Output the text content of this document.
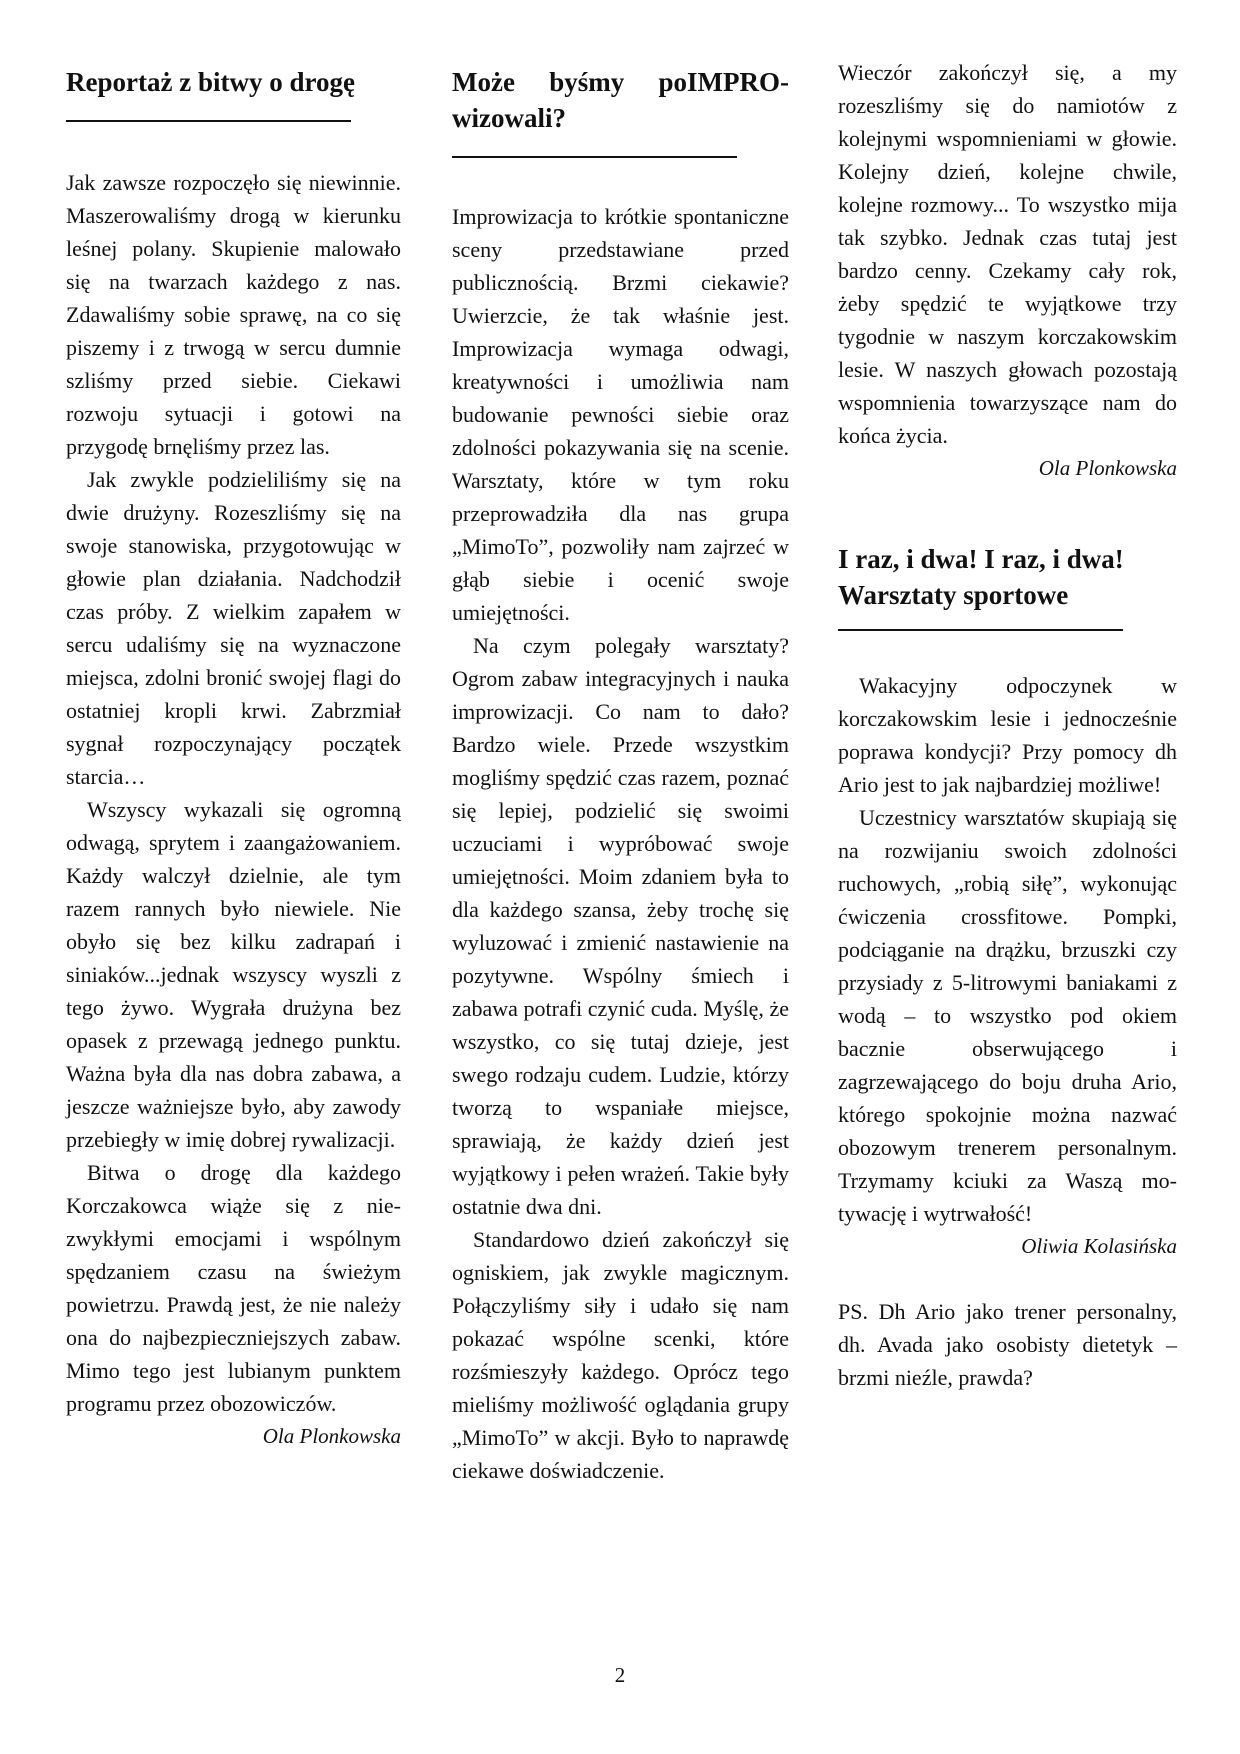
Reportaż z bitwy o drogę

Jak zawsze rozpoczęło się niewinnie. Maszerowaliśmy drogą w kierunku leśnej polany. Skupienie malowało się na twarzach każdego z nas. Zdawaliśmy sobie sprawę, na co się piszemy i z trwogą w sercu dumnie szliśmy przed siebie. Ciekawi rozwoju sytuacji i gotowi na przygodę brnęliśmy przez las.

Jak zwykle podzieliliśmy się na dwie drużyny. Rozeszliśmy się na swoje stanowiska, przygotowując w głowie plan działania. Nadchodził czas próby. Z wielkim zapałem w sercu udaliśmy się na wyznaczone miejsca, zdolni bronić swojej flagi do ostatniej kropli krwi. Zabrzmiał sygnał rozpoczynający początek starcia…

Wszyscy wykazali się ogromną odwagą, sprytem i zaangażowaniem. Każdy walczył dzielnie, ale tym razem rannych było niewiele. Nie obyło się bez kilku zadrapań i siniaków...jednak wszyscy wyszli z tego żywo. Wygrała drużyna bez opasek z przewagą jednego punktu. Ważna była dla nas dobra zabawa, a jeszcze ważniejsze było, aby zawody przebiegły w imię dobrej rywalizacji.

Bitwa o drogę dla każdego Korczakowca wiąże się z niezwykłymi emocjami i wspólnym spędzaniem czasu na świeżym powietrzu. Prawdą jest, że nie należy ona do najbezpieczniejszych zabaw. Mimo tego jest lubianym punktem programu przez obozowiczów.

Ola Plonkowska
Może byśmy poIMPROwizowali?

Improwizacja to krótkie spontaniczne sceny przedstawiane przed publicznością. Brzmi ciekawie? Uwierzcie, że tak właśnie jest. Improwizacja wymaga odwagi, kreatywności i umożliwia nam budowanie pewności siebie oraz zdolności pokazywania się na scenie. Warsztaty, które w tym roku przeprowadziła dla nas grupa „MimoTo”, pozwoliły nam zajrzeć w głąb siebie i ocenić swoje umiejętności.

Na czym polegały warsztaty? Ogrom zabaw integracyjnych i nauka improwizacji. Co nam to dało? Bardzo wiele. Przede wszystkim mogliśmy spędzić czas razem, poznać się lepiej, podzielić się swoimi uczuciami i wypróbować swoje umiejętności. Moim zdaniem była to dla każdego szansa, żeby trochę się wyluzować i zmienić nastawienie na pozytywne. Wspólny śmiech i zabawa potrafi czynić cuda. Myślę, że wszystko, co się tutaj dzieje, jest swego rodzaju cudem. Ludzie, którzy tworzą to wspaniałe miejsce, sprawiają, że każdy dzień jest wyjątkowy i pełen wrażeń. Takie były ostatnie dwa dni.

Standardowo dzień zakończył się ogniskiem, jak zwykle magicznym. Połączyliśmy siły i udało się nam pokazać wspólne scenki, które rozśmieszyły każdego. Oprócz tego mieliśmy możliwość oglądania grupy „MimoTo” w akcji. Było to naprawdę ciekawe doświadczenie.

Wieczór zakończył się, a my rozeszliśmy się do namiotów z kolejnymi wspomnieniami w głowie. Kolejny dzień, kolejne chwile, kolejne rozmowy... To wszystko mija tak szybko. Jednak czas tutaj jest bardzo cenny. Czekamy cały rok, żeby spędzić te wyjątkowe trzy tygodnie w naszym korczakowskim lesie. W naszych głowach pozostają wspomnienia towarzyszące nam do końca życia.

Ola Plonkowska
I raz, i dwa! I raz, i dwa! Warsztaty sportowe

Wakacyjny odpoczynek w korczakowskim lesie i jednocześnie poprawa kondycji? Przy pomocy dh Ario jest to jak najbardziej możliwe!

Uczestnicy warsztatów skupiają się na rozwijaniu swoich zdolności ruchowych, „robią siłę”, wykonując ćwiczenia crossfitowe. Pompki, podciąganie na drążku, brzuszki czy przysiady z 5-litrowymi baniakami z wodą – to wszystko pod okiem bacznie obserwującego i zagrzewającego do boju druha Ario, którego spokojnie można nazwać obozowym trenerem personalnym. Trzymamy kciuki za Waszą motywację i wytrwałość!

Oliwia Kolasińska

PS. Dh Ario jako trener personalny, dh. Avada jako osobisty dietetyk – brzmi nieźle, prawda?

2
